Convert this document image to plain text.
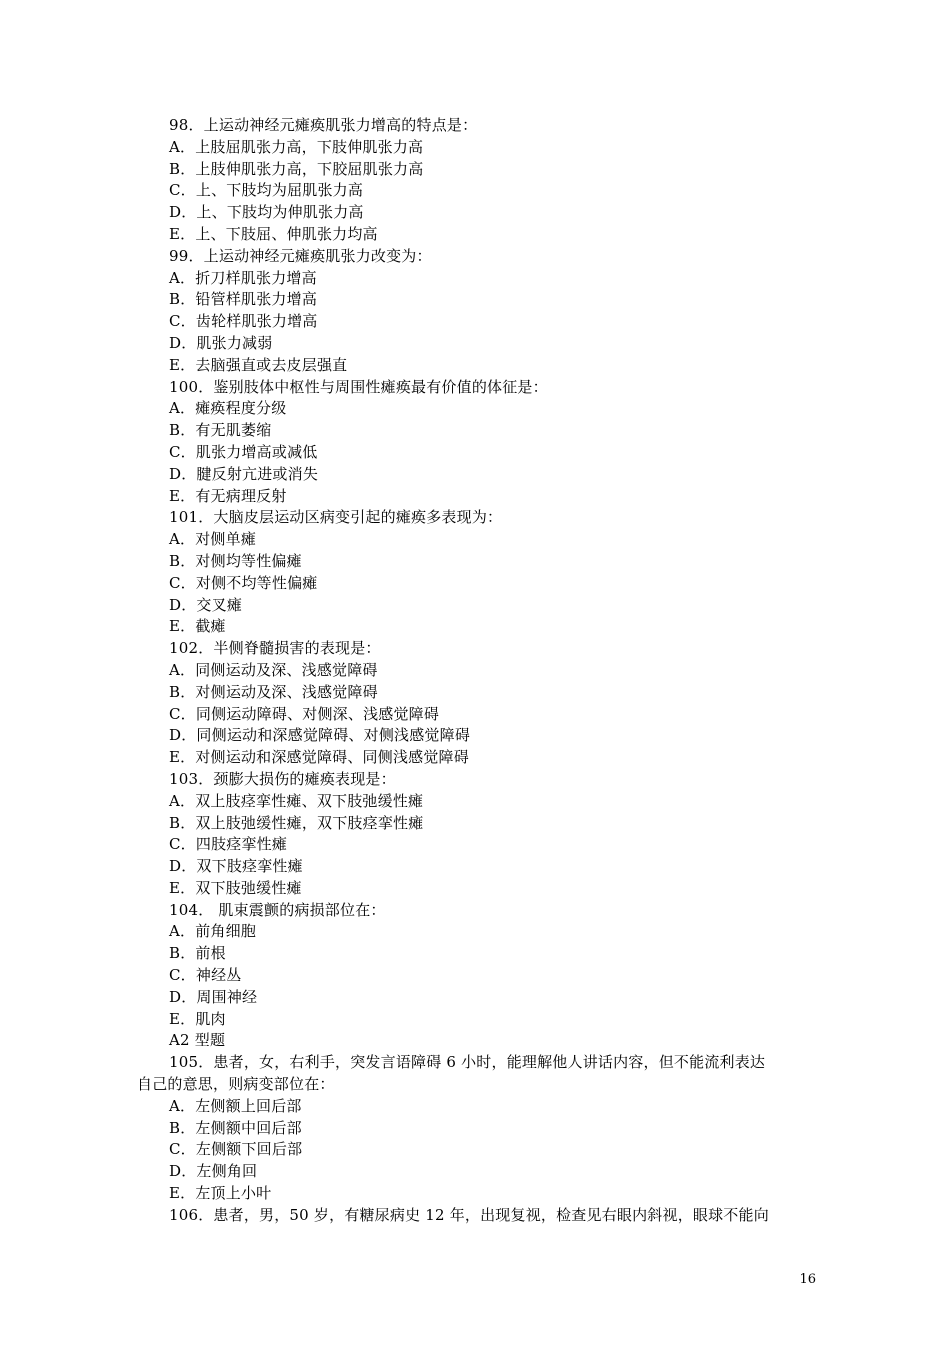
98．上运动神经元瘫痪肌张力增高的特点是：
A．上肢屈肌张力高，下肢伸肌张力高
B．上肢伸肌张力高，下胶屈肌张力高
C．上、下肢均为屈肌张力高
D．上、下肢均为伸肌张力高
E．上、下肢屈、伸肌张力均高
99．上运动神经元瘫痪肌张力改变为：
A．折刀样肌张力增高
B．铅管样肌张力增高
C．齿轮样肌张力增高
D．肌张力减弱
E．去脑强直或去皮层强直
100．鉴别肢体中枢性与周围性瘫痪最有价值的体征是：
A．瘫痪程度分级
B．有无肌萎缩
C．肌张力增高或减低
D．腱反射亢进或消失
E．有无病理反射
101．大脑皮层运动区病变引起的瘫痪多表现为：
A．对侧单瘫
B．对侧均等性偏瘫
C．对侧不均等性偏瘫
D．交叉瘫
E．截瘫
102．半侧脊髓损害的表现是：
A．同侧运动及深、浅感觉障碍
B．对侧运动及深、浅感觉障碍
C．同侧运动障碍、对侧深、浅感觉障碍
D．同侧运动和深感觉障碍、对侧浅感觉障碍
E．对侧运动和深感觉障碍、同侧浅感觉障碍
103．颈膨大损伤的瘫痪表现是：
A．双上肢痉挛性瘫、双下肢弛缓性瘫
B．双上肢弛缓性瘫，双下肢痉挛性瘫
C．四肢痉挛性瘫
D．双下肢痉挛性瘫
E．双下肢弛缓性瘫
104． 肌束震颤的病损部位在：
A．前角细胞
B．前根
C．神经丛
D．周围神经
E．肌肉
A2 型题
105．患者，女，右利手，突发言语障碍 6 小时，能理解他人讲话内容，但不能流利表达
自己的意思，则病变部位在：
A．左侧额上回后部
B．左侧额中回后部
C．左侧额下回后部
D．左侧角回
E．左顶上小叶
106．患者，男，50 岁，有糖尿病史 12 年，出现复视，检查见右眼内斜视，眼球不能向
16
